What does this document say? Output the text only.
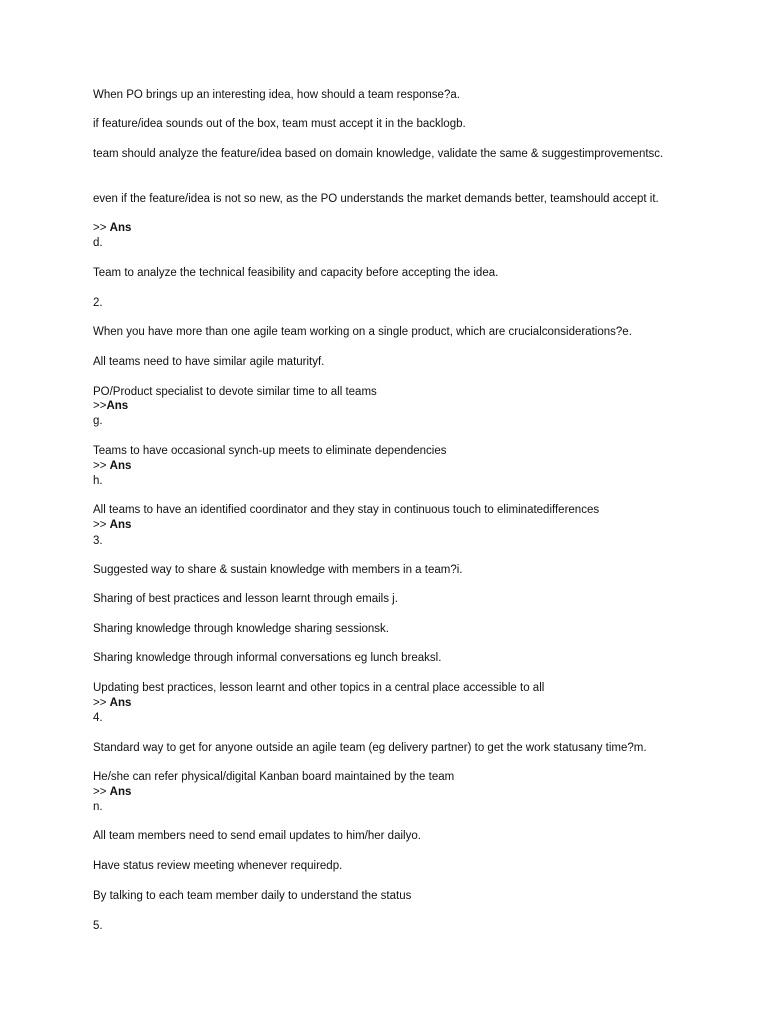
When PO brings up an interesting idea, how should a team response?a.

if feature/idea sounds out of the box, team must accept it in the backlogb.

team should analyze the feature/idea based on domain knowledge, validate the same & suggestimprovementsc.

even if the feature/idea is not so new, as the PO understands the market demands better, teamshould accept it.

>> Ans

d.

Team to analyze the technical feasibility and capacity before accepting the idea.

2.

When you have more than one agile team working on a single product, which are crucialconsiderations?e.

All teams need to have similar agile maturityf.

PO/Product specialist to devote similar time to all teams

>>Ans

g.

Teams to have occasional synch-up meets to eliminate dependencies

>> Ans

h.

All teams to have an identified coordinator and they stay in continuous touch to eliminatedifferences

>> Ans

3.

Suggested way to share & sustain knowledge with members in a team?i.

Sharing of best practices and lesson learnt through emails j.

Sharing knowledge through knowledge sharing sessionsk.

Sharing knowledge through informal conversations eg lunch breaksl.

Updating best practices, lesson learnt and other topics in a central place accessible to all

>> Ans

4.

Standard way to get for anyone outside an agile team (eg delivery partner) to get the work statusany time?m.

He/she can refer physical/digital Kanban board maintained by the team

>> Ans

n.

All team members need to send email updates to him/her dailyo.

Have status review meeting whenever requiredp.

By talking to each team member daily to understand the status

5.
